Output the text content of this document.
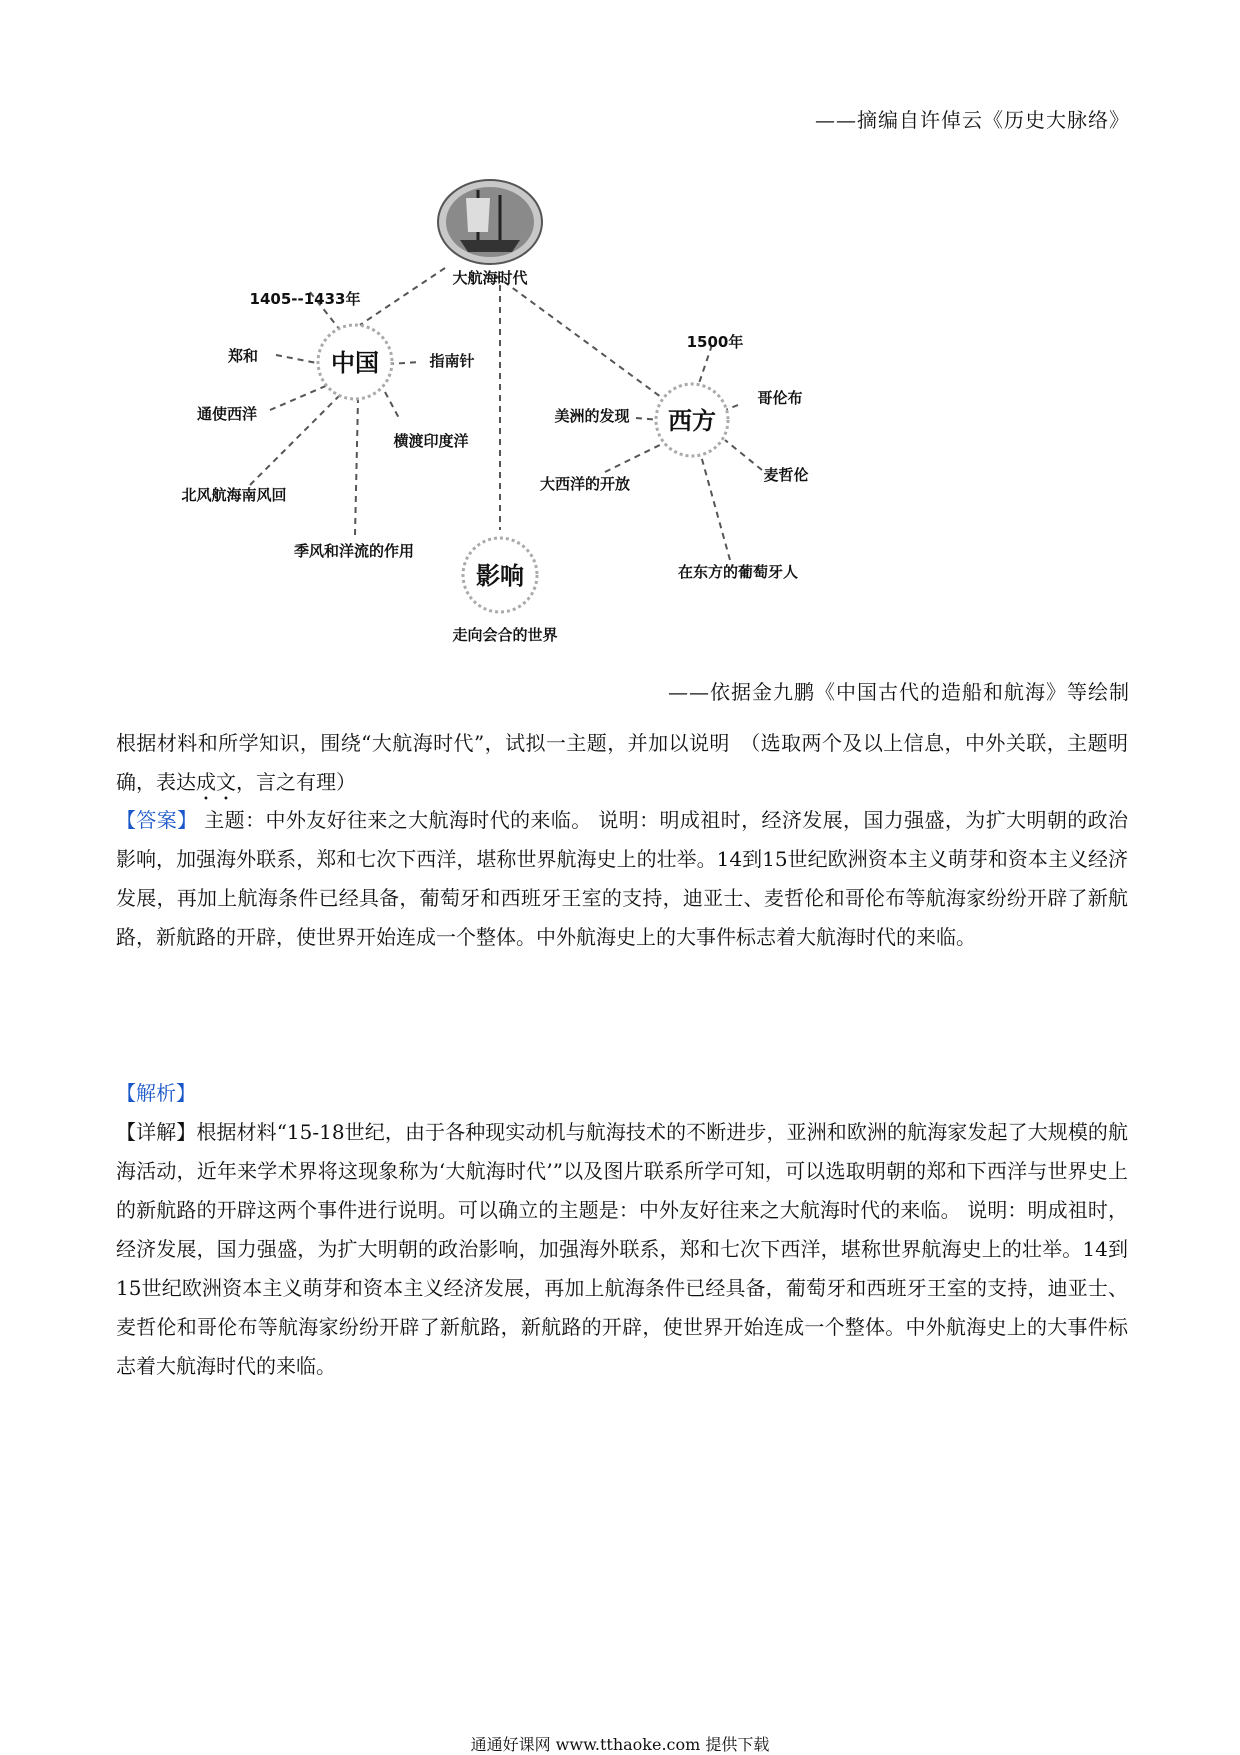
——摘编自许倬云《历史大脉络》
大航海时代
中国
1405--1433年
郑和
通使西洋
北风航海南风回
季风和洋流的作用
指南针
横渡印度洋
西方
1500年
哥伦布
美洲的发现
大西洋的开放	麦哲伦
在东方的葡萄牙人
影响
走向会合的世界
——依据金九鹏《中国古代的造船和航海》等绘制

根据材料和所学知识，围绕“大航海时代”，试拟一主题，并加以说明　（选取两个及以上信息，中外关联，主题明确，表达成文，言之有理）

【答案】 主题：中外友好往来之大航海时代的来临。 说明：明成祖时，经济发展，国力强盛，为扩大明朝的政治影响，加强海外联系，郑和七次下西洋，堪称世界航海史上的壮举。14到15世纪欧洲资本主义萌芽和资本主义经济发展，再加上航海条件已经具备，葡萄牙和西班牙王室的支持，迪亚士、麦哲伦和哥伦布等航海家纷纷开辟了新航路，新航路的开辟，使世界开始连成一个整体。中外航海史上的大事件标志着大航海时代的来临。

【解析】

【详解】根据材料“15-18世纪，由于各种现实动机与航海技术的不断进步，亚洲和欧洲的航海家发起了大规模的航海活动，近年来学术界将这现象称为‘大航海时代’”以及图片联系所学可知，可以选取明朝的郑和下西洋与世界史上的新航路的开辟这两个事件进行说明。可以确立的主题是：中外友好往来之大航海时代的来临。 说明：明成祖时，经济发展，国力强盛，为扩大明朝的政治影响，加强海外联系，郑和七次下西洋，堪称世界航海史上的壮举。14到15世纪欧洲资本主义萌芽和资本主义经济发展，再加上航海条件已经具备，葡萄牙和西班牙王室的支持，迪亚士、麦哲伦和哥伦布等航海家纷纷开辟了新航路，新航路的开辟，使世界开始连成一个整体。中外航海史上的大事件标志着大航海时代的来临。

通通好课网 www.tthaoke.com 提供下载
